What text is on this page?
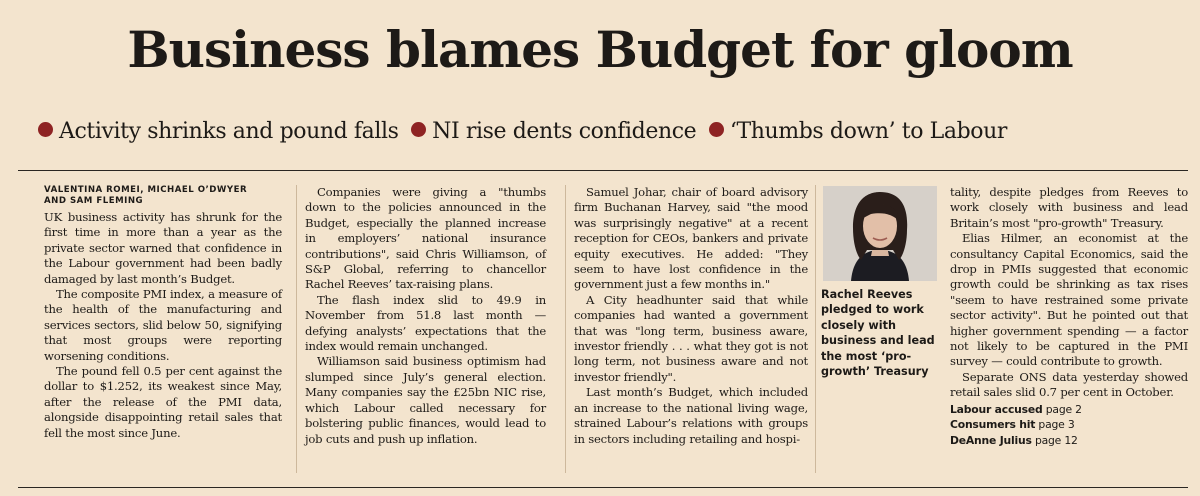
Business blames Budget for gloom
Activity shrinks and pound falls NI rise dents confidence ‘Thumbs down’ to Labour
VALENTINA ROMEI, MICHAEL O’DWYER
AND SAM FLEMING

UK business activity has shrunk for the first time in more than a year as the private sector warned that confidence in the Labour government had been badly damaged by last month’s Budget.

The composite PMI index, a measure of the health of the manufacturing and services sectors, slid below 50, signifying that most groups were reporting worsening conditions.

The pound fell 0.5 per cent against the dollar to $1.252, its weakest since May, after the release of the PMI data, alongside disappointing retail sales that fell the most since June.

Companies were giving a "thumbs down to the policies announced in the Budget, especially the planned increase in employers’ national insurance contributions", said Chris Williamson, of S&P Global, referring to chancellor Rachel Reeves’ tax-raising plans.

The flash index slid to 49.9 in November from 51.8 last month — defying analysts’ expectations that the index would remain unchanged.

Williamson said business optimism had slumped since July’s general election. Many companies say the £25bn NIC rise, which Labour called necessary for bolstering public finances, would lead to job cuts and push up inflation.

Samuel Johar, chair of board advisory firm Buchanan Harvey, said "the mood was surprisingly negative" at a recent reception for CEOs, bankers and private equity executives. He added: "They seem to have lost confidence in the government just a few months in."

A City headhunter said that while companies had wanted a government that was "long term, business aware, investor friendly . . . what they got is not long term, not business aware and not investor friendly".

Last month’s Budget, which included an increase to the national living wage, strained Labour’s relations with groups in sectors including retailing and hospi-

Rachel Reeves pledged to work closely with business and lead the most ‘pro-growth’ Treasury

tality, despite pledges from Reeves to work closely with business and lead Britain’s most "pro-growth" Treasury.

Elias Hilmer, an economist at the consultancy Capital Economics, said the drop in PMIs suggested that economic growth could be shrinking as tax rises "seem to have restrained some private sector activity". But he pointed out that higher government spending — a factor not likely to be captured in the PMI survey — could contribute to growth.

Separate ONS data yesterday showed retail sales slid 0.7 per cent in October.

Labour accused page 2
Consumers hit page 3
DeAnne Julius page 12
